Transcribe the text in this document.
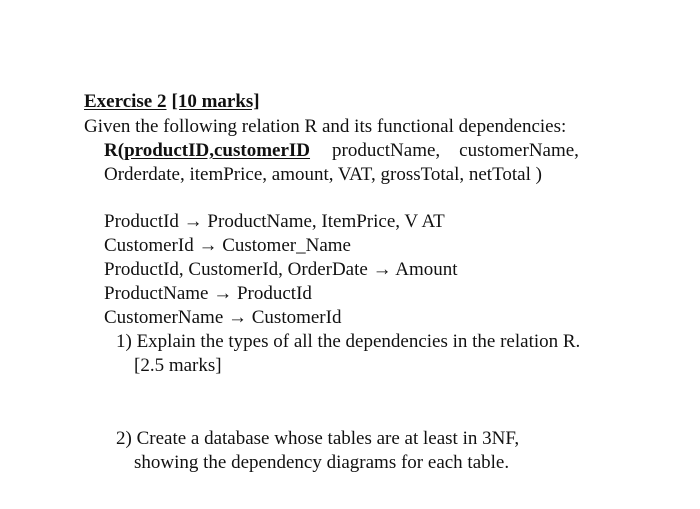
Exercise 2 [10 marks]
Given the following relation R and its functional dependencies:
R(productID,customerID productName,    customerName,
Orderdate, itemPrice, amount, VAT, grossTotal, netTotal )
ProductId → ProductName, ItemPrice, V AT
CustomerId → Customer_Name
ProductId, CustomerId, OrderDate → Amount
ProductName → ProductId
CustomerName → CustomerId
1) Explain the types of all the dependencies in the relation R.
[2.5 marks]
2) Create a database whose tables are at least in 3NF,
showing the dependency diagrams for each table.
